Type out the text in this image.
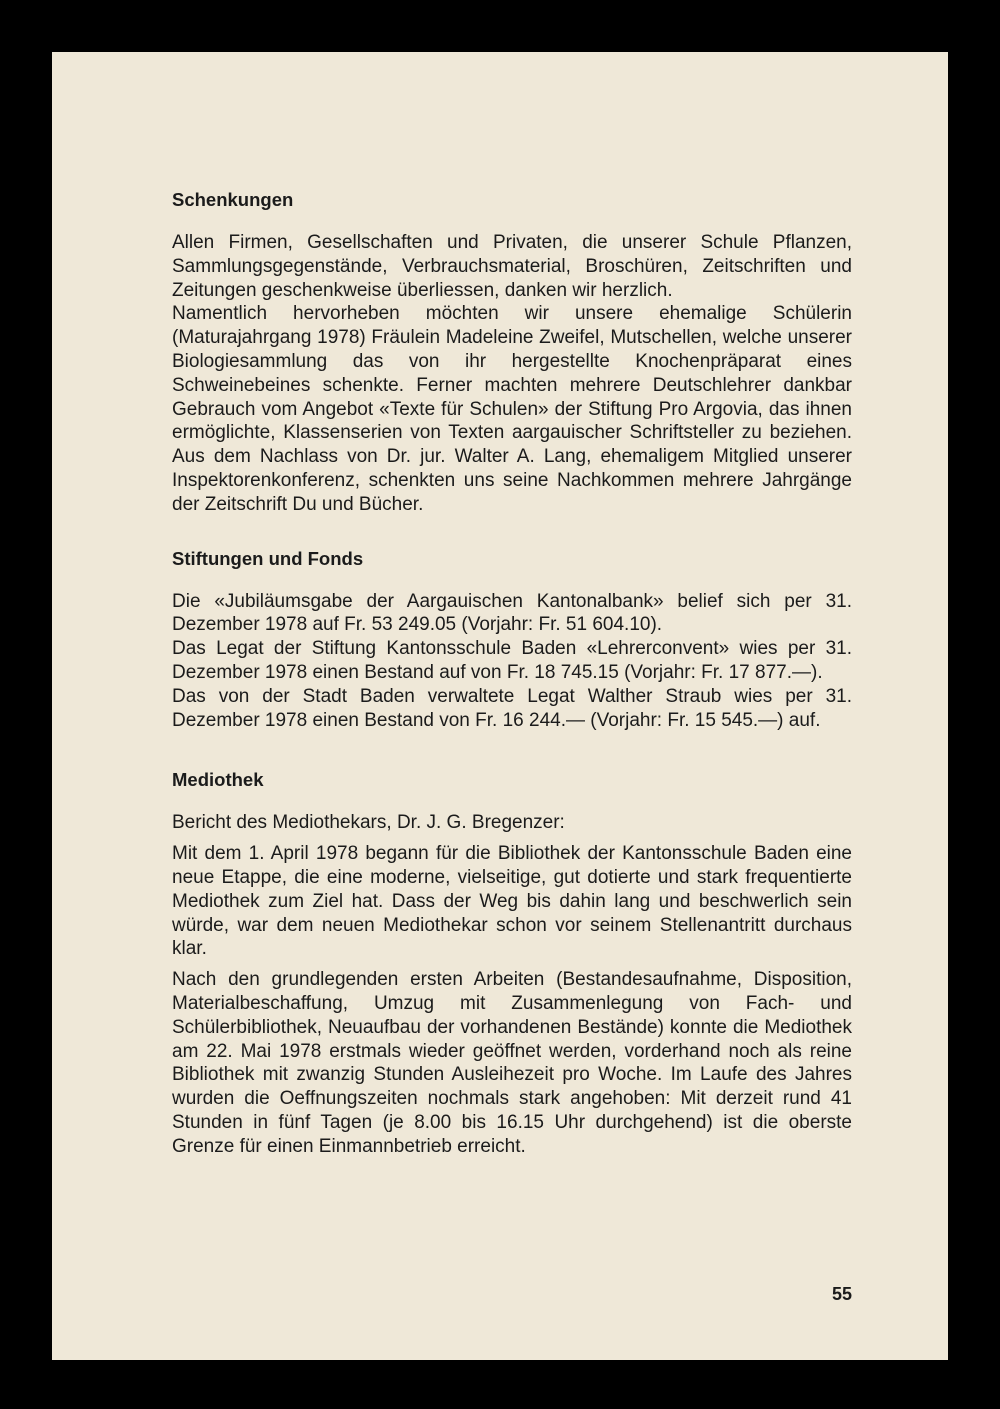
Schenkungen

Allen Firmen, Gesellschaften und Privaten, die unserer Schule Pflanzen, Sammlungsgegenstände, Verbrauchsmaterial, Broschüren, Zeitschriften und Zeitungen geschenkweise überliessen, danken wir herzlich.

Namentlich hervorheben möchten wir unsere ehemalige Schülerin (Maturajahrgang 1978) Fräulein Madeleine Zweifel, Mutschellen, welche unserer Biologiesammlung das von ihr hergestellte Knochenpräparat eines Schweinebeines schenkte. Ferner machten mehrere Deutschlehrer dankbar Gebrauch vom Angebot «Texte für Schulen» der Stiftung Pro Argovia, das ihnen ermöglichte, Klassenserien von Texten aargauischer Schriftsteller zu beziehen. Aus dem Nachlass von Dr. jur. Walter A. Lang, ehemaligem Mitglied unserer Inspektorenkonferenz, schenkten uns seine Nachkommen mehrere Jahrgänge der Zeitschrift Du und Bücher.

Stiftungen und Fonds

Die «Jubiläumsgabe der Aargauischen Kantonalbank» belief sich per 31. Dezember 1978 auf Fr. 53 249.05 (Vorjahr: Fr. 51 604.10).

Das Legat der Stiftung Kantonsschule Baden «Lehrerconvent» wies per 31. Dezember 1978 einen Bestand auf von Fr. 18 745.15 (Vorjahr: Fr. 17 877.—).

Das von der Stadt Baden verwaltete Legat Walther Straub wies per 31. Dezember 1978 einen Bestand von Fr. 16 244.— (Vorjahr: Fr. 15 545.—) auf.

Mediothek

Bericht des Mediothekars, Dr. J. G. Bregenzer:

Mit dem 1. April 1978 begann für die Bibliothek der Kantonsschule Baden eine neue Etappe, die eine moderne, vielseitige, gut dotierte und stark frequentierte Mediothek zum Ziel hat. Dass der Weg bis dahin lang und beschwerlich sein würde, war dem neuen Mediothekar schon vor seinem Stellenantritt durchaus klar.

Nach den grundlegenden ersten Arbeiten (Bestandesaufnahme, Disposition, Materialbeschaffung, Umzug mit Zusammenlegung von Fach- und Schülerbibliothek, Neuaufbau der vorhandenen Bestände) konnte die Mediothek am 22. Mai 1978 erstmals wieder geöffnet werden, vorderhand noch als reine Bibliothek mit zwanzig Stunden Ausleihezeit pro Woche. Im Laufe des Jahres wurden die Oeffnungszeiten nochmals stark angehoben: Mit derzeit rund 41 Stunden in fünf Tagen (je 8.00 bis 16.15 Uhr durchgehend) ist die oberste Grenze für einen Einmannbetrieb erreicht.

55
